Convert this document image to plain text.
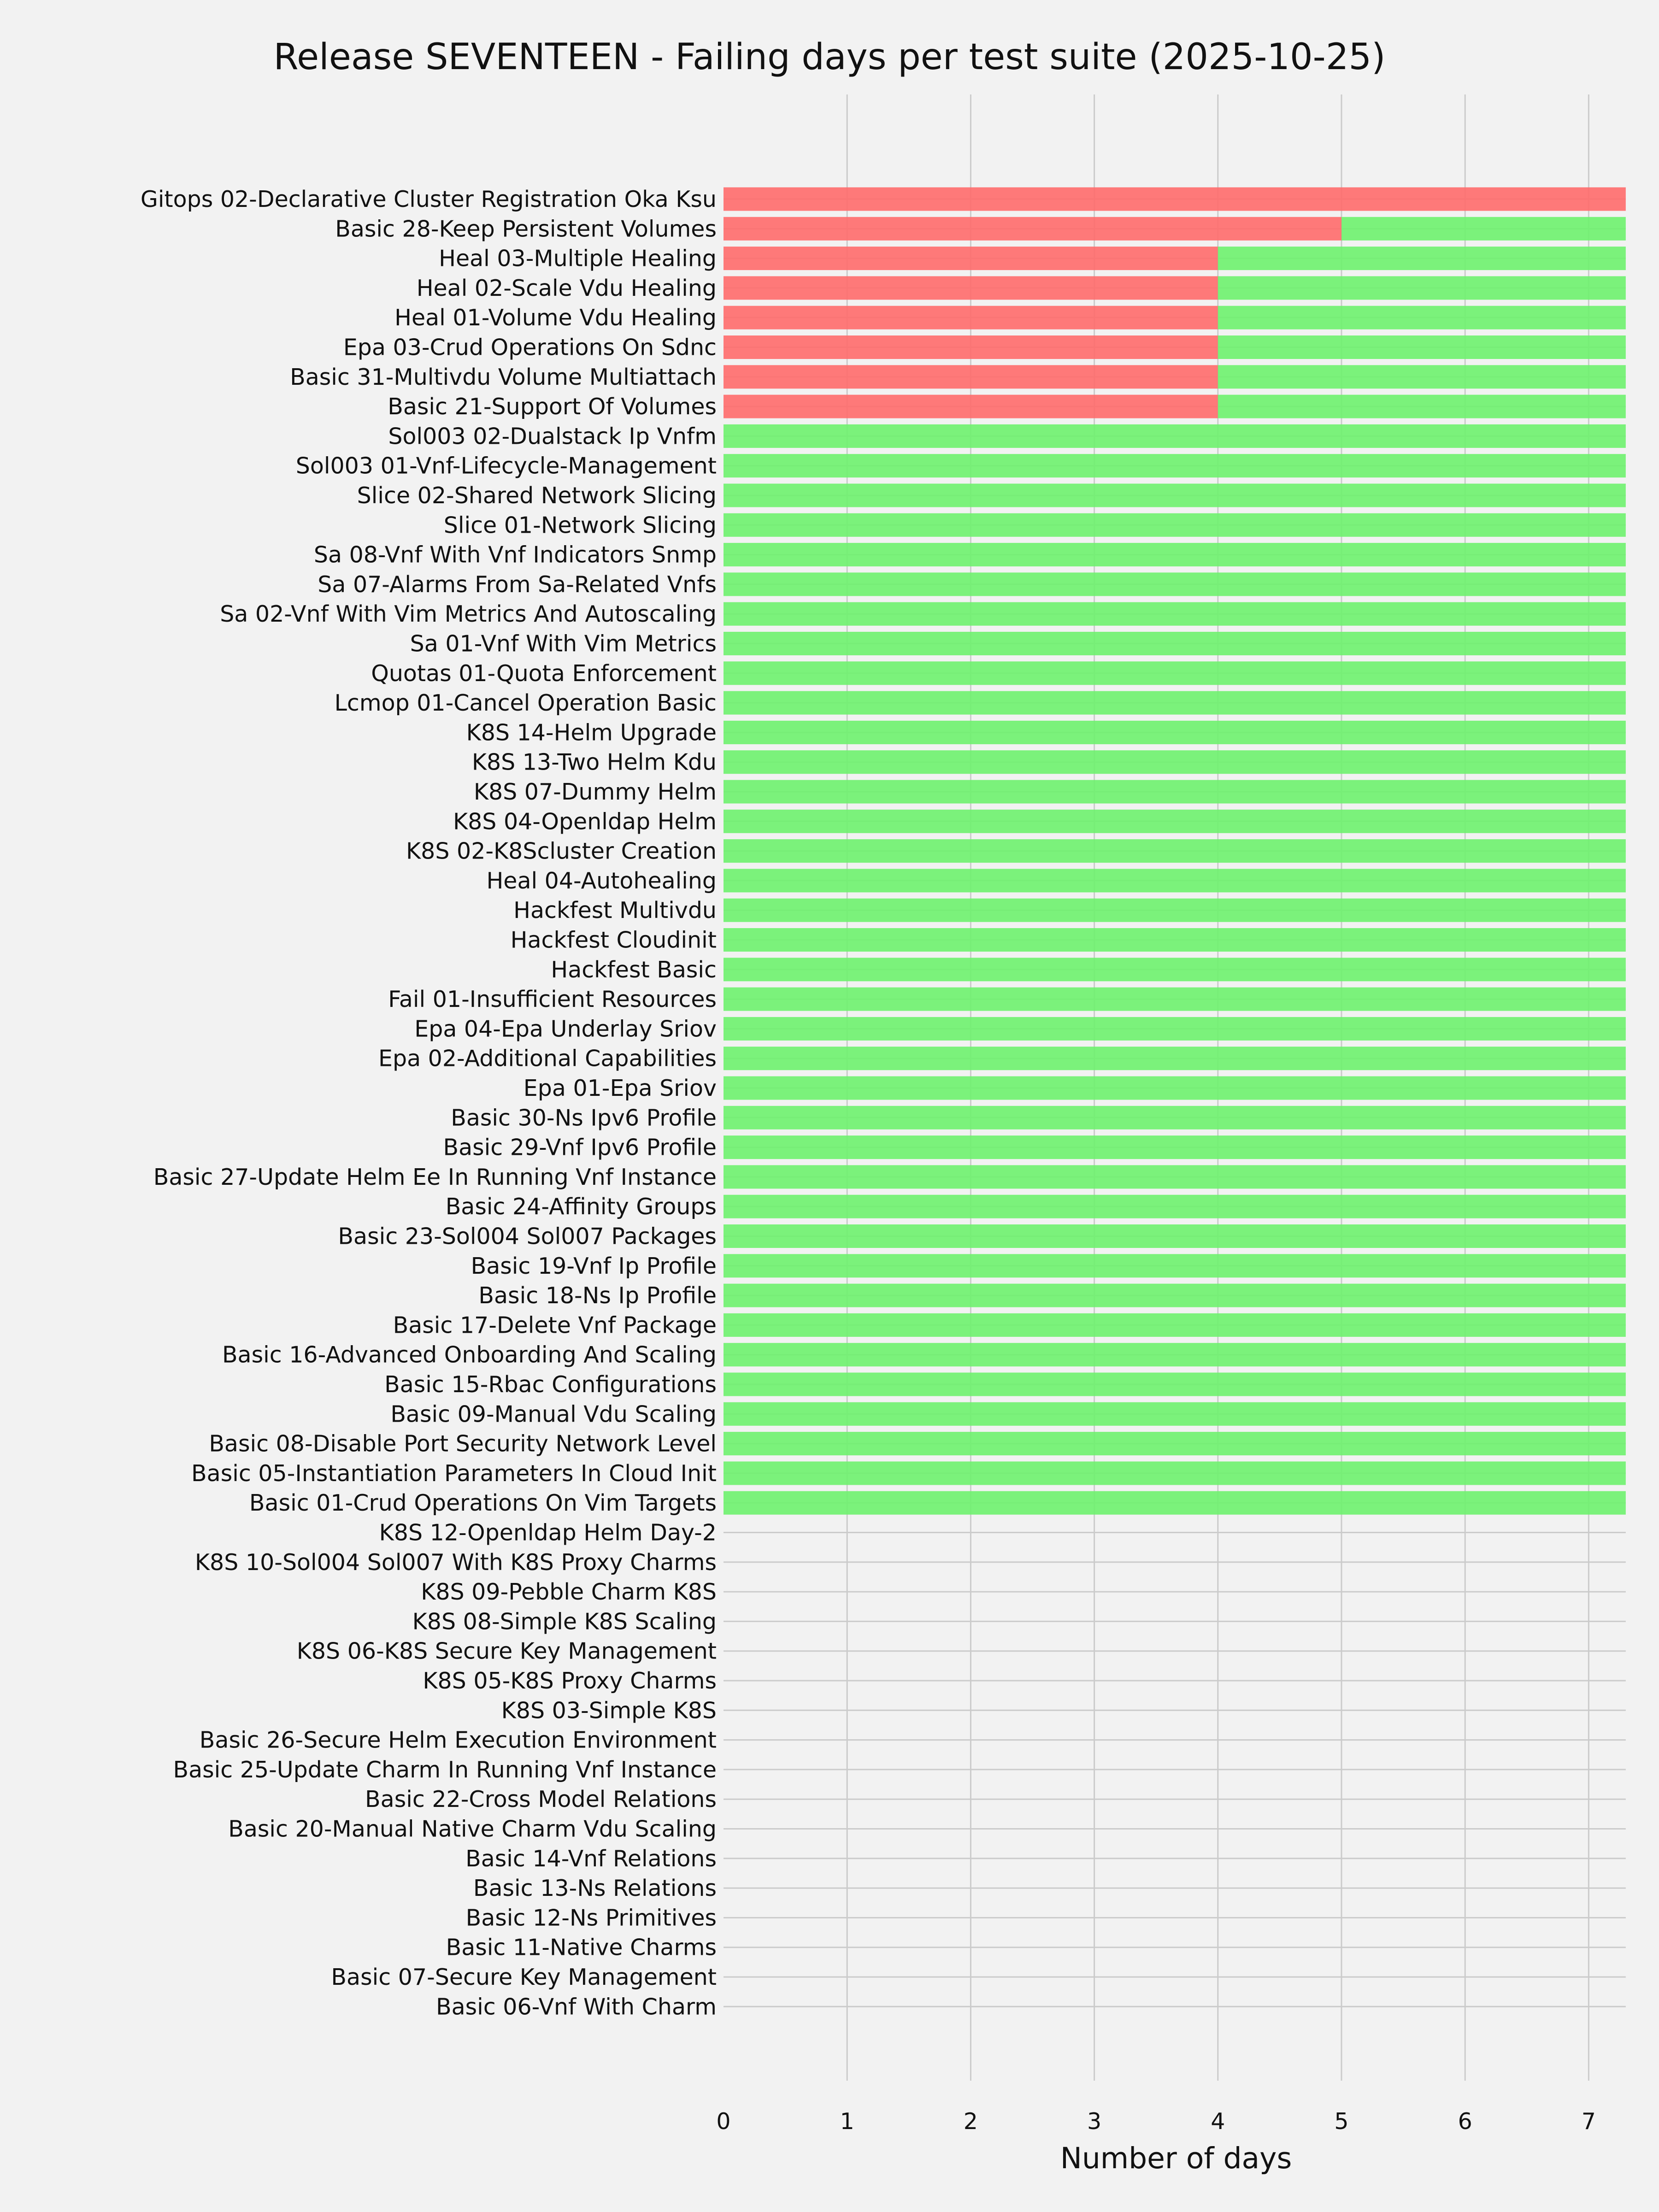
Release SEVENTEEN - Failing days per test suite (2025-10-25)
Gitops 02-Declarative Cluster Registration Oka Ksu
Basic 28-Keep Persistent Volumes
Heal 03-Multiple Healing
Heal 02-Scale Vdu Healing
Heal 01-Volume Vdu Healing
Epa 03-Crud Operations On Sdnc
Basic 31-Multivdu Volume Multiattach
Basic 21-Support Of Volumes
Sol003 02-Dualstack Ip Vnfm
Sol003 01-Vnf-Lifecycle-Management
Slice 02-Shared Network Slicing
Slice 01-Network Slicing
Sa 08-Vnf With Vnf Indicators Snmp
Sa 07-Alarms From Sa-Related Vnfs
Sa 02-Vnf With Vim Metrics And Autoscaling
Sa 01-Vnf With Vim Metrics
Quotas 01-Quota Enforcement
Lcmop 01-Cancel Operation Basic
K8S 14-Helm Upgrade
K8S 13-Two Helm Kdu
K8S 07-Dummy Helm
K8S 04-Openldap Helm
K8S 02-K8Scluster Creation
Heal 04-Autohealing
Hackfest Multivdu
Hackfest Cloudinit
Hackfest Basic
Fail 01-Insufficient Resources
Epa 04-Epa Underlay Sriov
Epa 02-Additional Capabilities
Epa 01-Epa Sriov
Basic 30-Ns Ipv6 Profile
Basic 29-Vnf Ipv6 Profile
Basic 27-Update Helm Ee In Running Vnf Instance
Basic 24-Affinity Groups
Basic 23-Sol004 Sol007 Packages
Basic 19-Vnf Ip Profile
Basic 18-Ns Ip Profile
Basic 17-Delete Vnf Package
Basic 16-Advanced Onboarding And Scaling
Basic 15-Rbac Configurations
Basic 09-Manual Vdu Scaling
Basic 08-Disable Port Security Network Level
Basic 05-Instantiation Parameters In Cloud Init
Basic 01-Crud Operations On Vim Targets
K8S 12-Openldap Helm Day-2
K8S 10-Sol004 Sol007 With K8S Proxy Charms
K8S 09-Pebble Charm K8S
K8S 08-Simple K8S Scaling
K8S 06-K8S Secure Key Management
K8S 05-K8S Proxy Charms
K8S 03-Simple K8S
Basic 26-Secure Helm Execution Environment
Basic 25-Update Charm In Running Vnf Instance
Basic 22-Cross Model Relations
Basic 20-Manual Native Charm Vdu Scaling
Basic 14-Vnf Relations
Basic 13-Ns Relations
Basic 12-Ns Primitives
Basic 11-Native Charms
Basic 07-Secure Key Management
Basic 06-Vnf With Charm
0	1	2	3	4	5	6	7
Number of days
